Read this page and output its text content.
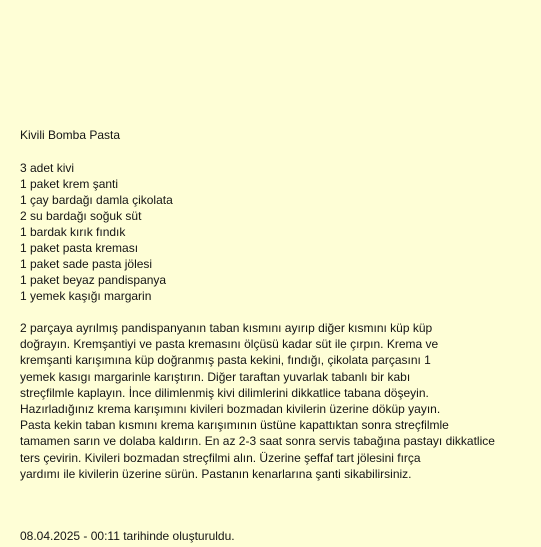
Kivili Bomba Pasta
3 adet kivi
1 paket krem şanti
1 çay bardağı damla çikolata
2 su bardağı soğuk süt
1 bardak kırık fındık
1 paket pasta kreması
1 paket sade pasta jölesi
1 paket beyaz pandispanya
1 yemek kaşığı margarin
2 parçaya ayrılmış pandispanyanın taban kısmını ayırıp diğer kısmını küp küp
doğrayın. Kremşantiyi ve pasta kremasını ölçüsü kadar süt ile çırpın. Krema ve
kremşanti karışımına küp doğranmış pasta kekini, fındığı, çikolata parçasını 1
yemek kasıgı margarinle karıştırın. Diğer taraftan yuvarlak tabanlı bir kabı
streçfilmle kaplayın. İnce dilimlenmiş kivi dilimlerini dikkatlice tabana döşeyin.
Hazırladığınız krema karışımını kivileri bozmadan kivilerin üzerine döküp yayın.
Pasta kekin taban kısmını krema karışımının üstüne kapattıktan sonra streçfilmle
tamamen sarın ve dolaba kaldırın. En az 2-3 saat sonra servis tabağına pastayı dikkatlice
ters çevirin. Kivileri bozmadan streçfilmi alın. Üzerine şeffaf tart jölesini fırça
yardımı ile kivilerin üzerine sürün. Pastanın kenarlarına şanti sikabilirsiniz.
08.04.2025 - 00:11 tarihinde oluşturuldu.
